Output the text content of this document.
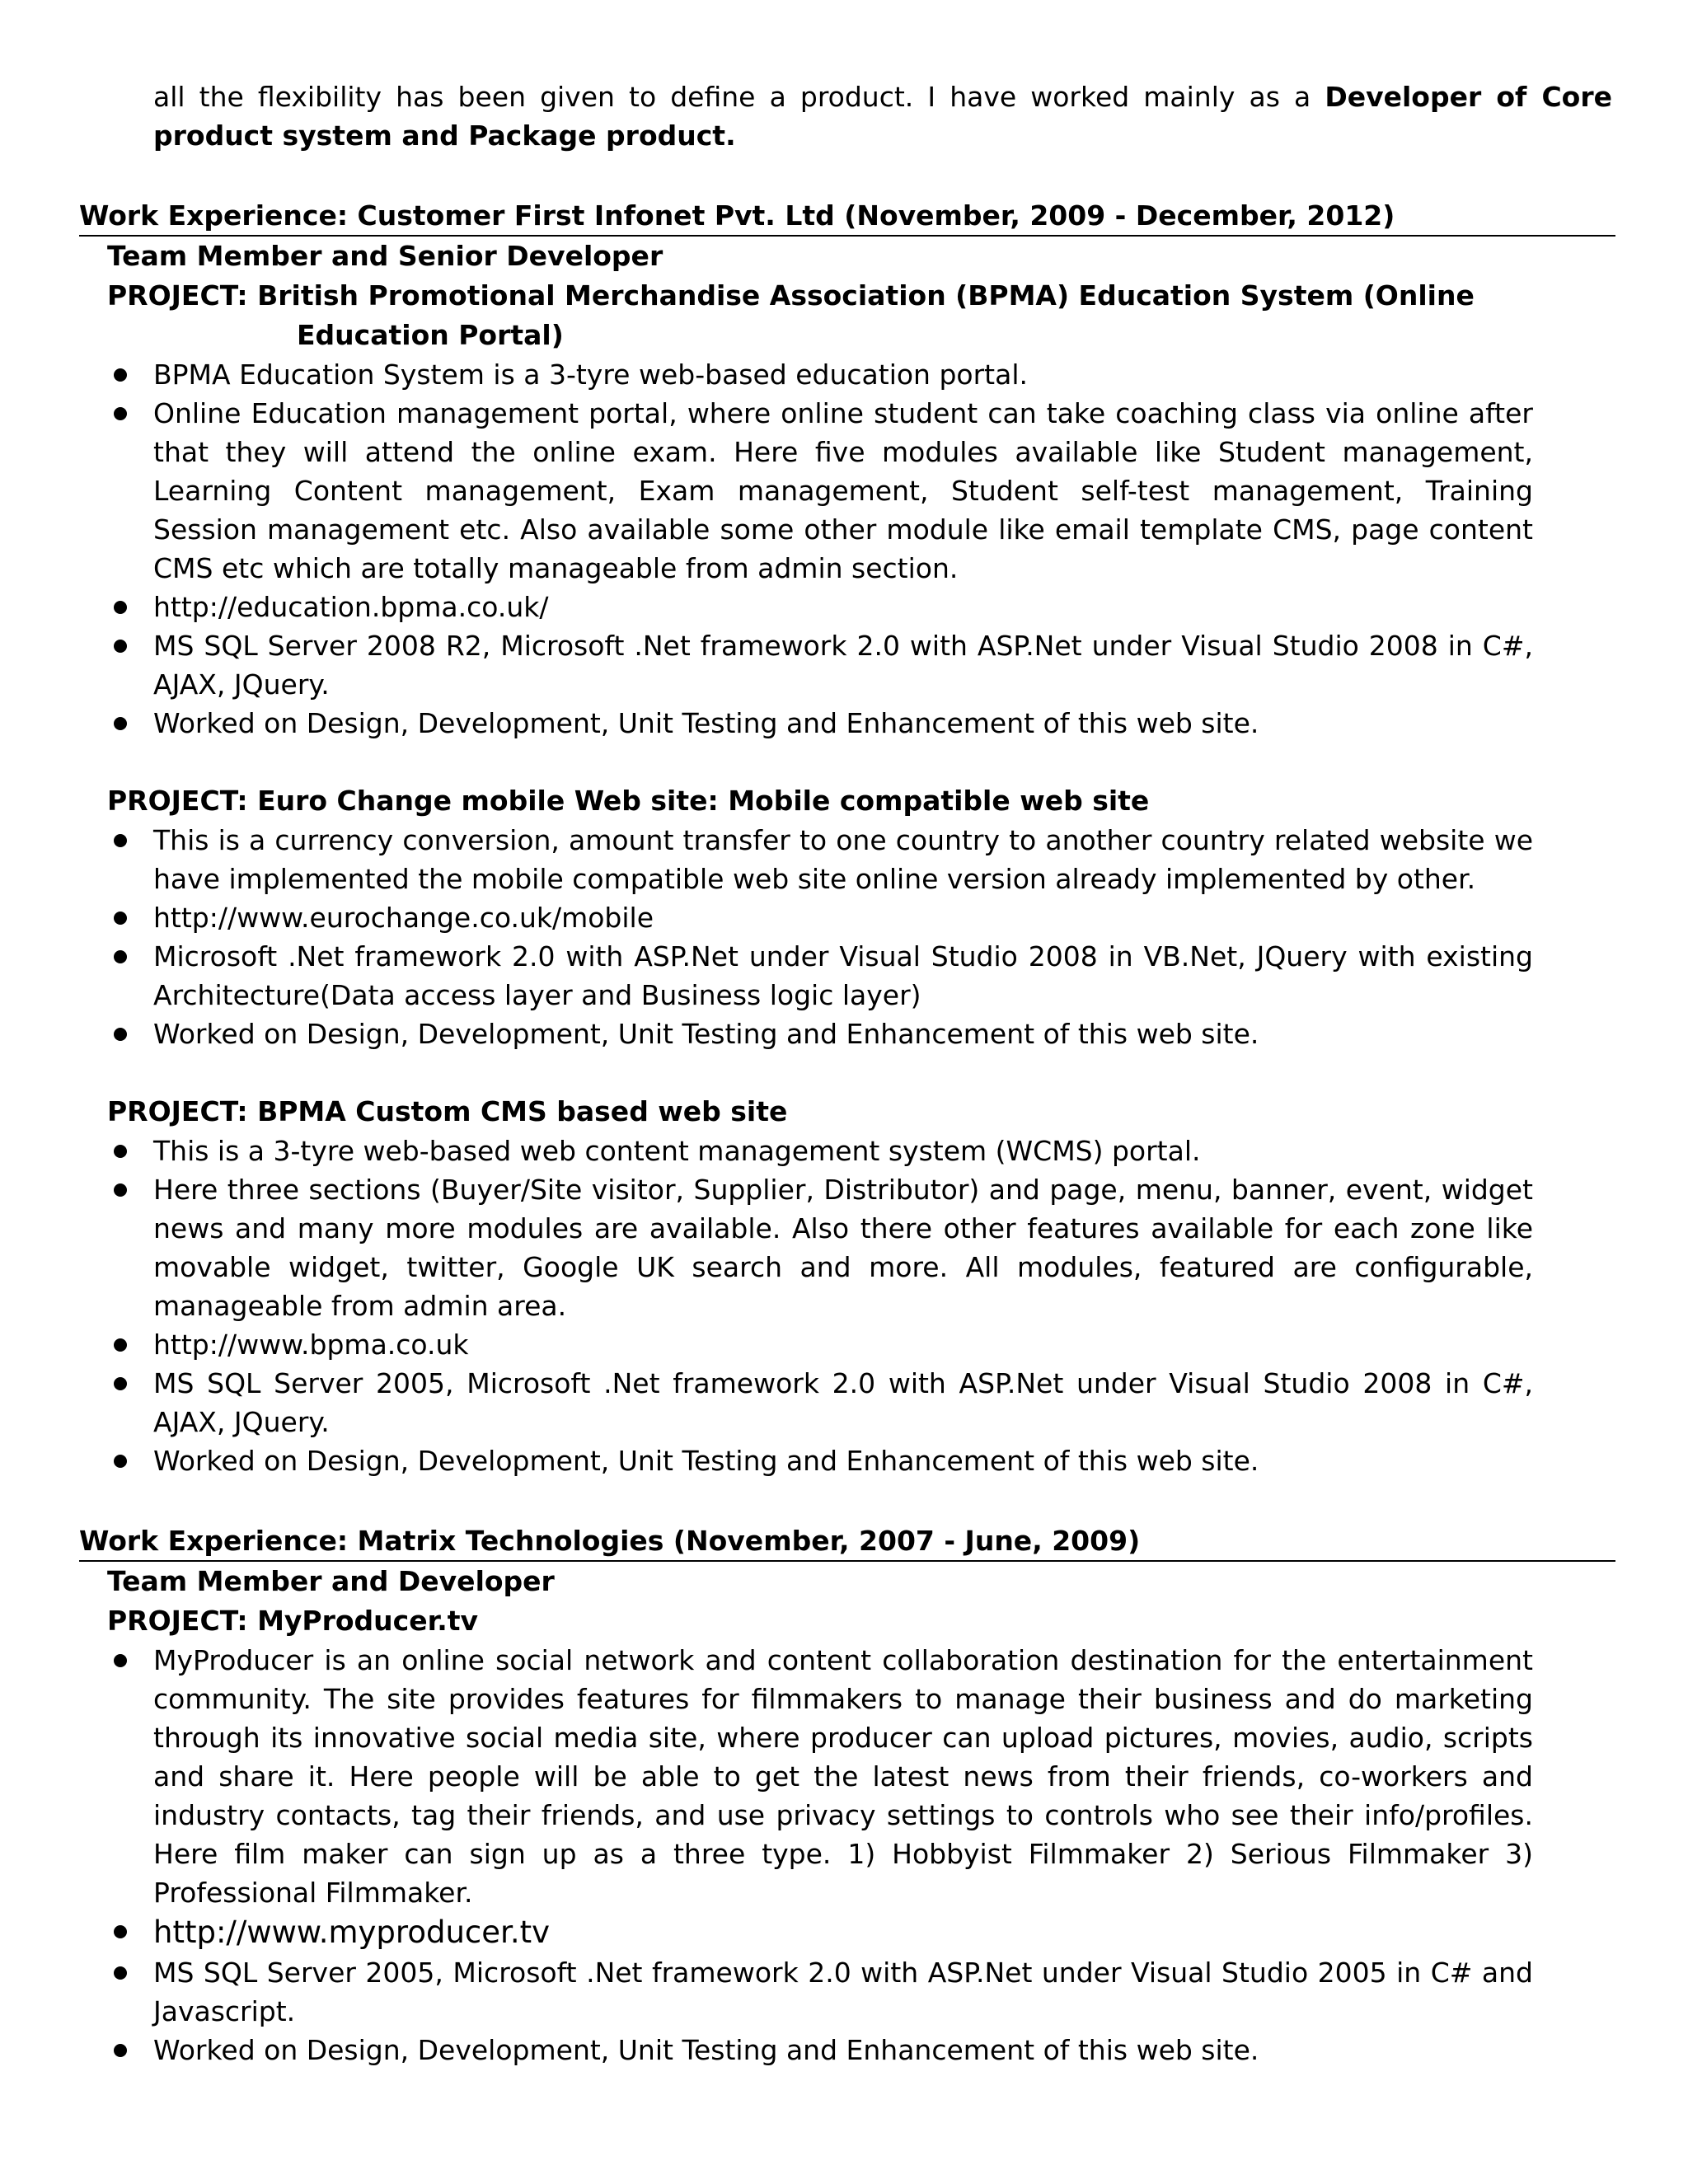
all the flexibility has been given to define a product. I have worked mainly as a Developer of Core product system and Package product.
Work Experience: Customer First Infonet Pvt. Ltd (November, 2009 - December, 2012)
Team Member and Senior Developer
PROJECT: British Promotional Merchandise Association (BPMA) Education System (Online
Education Portal)
BPMA Education System is a 3-tyre web-based education portal.
Online Education management portal, where online student can take coaching class via online after that they will attend the online exam. Here five modules available like Student management, Learning Content management, Exam management, Student self-test management, Training Session management etc. Also available some other module like email template CMS, page content CMS etc which are totally manageable from admin section.
http://education.bpma.co.uk/
MS SQL Server 2008 R2, Microsoft .Net framework 2.0 with ASP.Net under Visual Studio 2008 in C#, AJAX, JQuery.
Worked on Design, Development, Unit Testing and Enhancement of this web site.
PROJECT: Euro Change mobile Web site: Mobile compatible web site
This is a currency conversion, amount transfer to one country to another country related website we have implemented the mobile compatible web site online version already implemented by other.
http://www.eurochange.co.uk/mobile
Microsoft .Net framework 2.0 with ASP.Net under Visual Studio 2008 in VB.Net, JQuery with existing Architecture(Data access layer and Business logic layer)
Worked on Design, Development, Unit Testing and Enhancement of this web site.
PROJECT: BPMA Custom CMS based web site
This is a 3-tyre web-based web content management system (WCMS) portal.
Here three sections (Buyer/Site visitor, Supplier, Distributor) and page, menu, banner, event, widget news and many more modules are available. Also there other features available for each zone like movable widget, twitter, Google UK search and more. All modules, featured are configurable, manageable from admin area.
http://www.bpma.co.uk
MS SQL Server 2005, Microsoft .Net framework 2.0 with ASP.Net under Visual Studio 2008 in C#, AJAX, JQuery.
Worked on Design, Development, Unit Testing and Enhancement of this web site.
Work Experience: Matrix Technologies (November, 2007 - June, 2009)
Team Member and Developer
PROJECT: MyProducer.tv
MyProducer is an online social network and content collaboration destination for the entertainment community. The site provides features for filmmakers to manage their business and do marketing through its innovative social media site, where producer can upload pictures, movies, audio, scripts and share it. Here people will be able to get the latest news from their friends, co-workers and industry contacts, tag their friends, and use privacy settings to controls who see their info/profiles. Here film maker can sign up as a three type. 1) Hobbyist Filmmaker 2) Serious Filmmaker 3) Professional Filmmaker.
http://www.myproducer.tv
MS SQL Server 2005, Microsoft .Net framework 2.0 with ASP.Net under Visual Studio 2005 in C# and Javascript.
Worked on Design, Development, Unit Testing and Enhancement of this web site.
